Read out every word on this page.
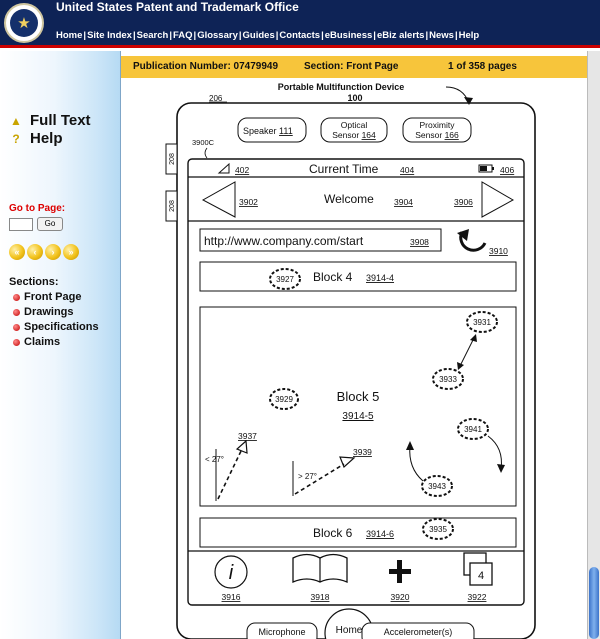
★
United States Patent and Trademark Office
Home | Site Index | Search | FAQ | Glossary | Guides | Contacts | eBusiness | eBiz alerts | News | Help
▲ Full Text
? Help
Go to Page:
Go
«	‹	›	»
Sections:
Front Page
Drawings
Specifications
Claims
Publication Number: 07479949	Section: Front Page	1 of 358 pages
Portable Multifunction Device
100
206
208
208
Speaker 111
Optical
Sensor 164
Proximity
Sensor 166
3900C
402	Current Time	404	406
3902	Welcome 3904	3906
http://www.company.com/start	3908
3910
3927 Block 4 3914-4
Block 5
3914-5
3929
3931
3933
3941
3943
3937
< 27°
3939
> 27°
Block 6 3914-6	3935
i
3916	3918	3920
4
3922
Microphone	Home Accelerometer(s)
